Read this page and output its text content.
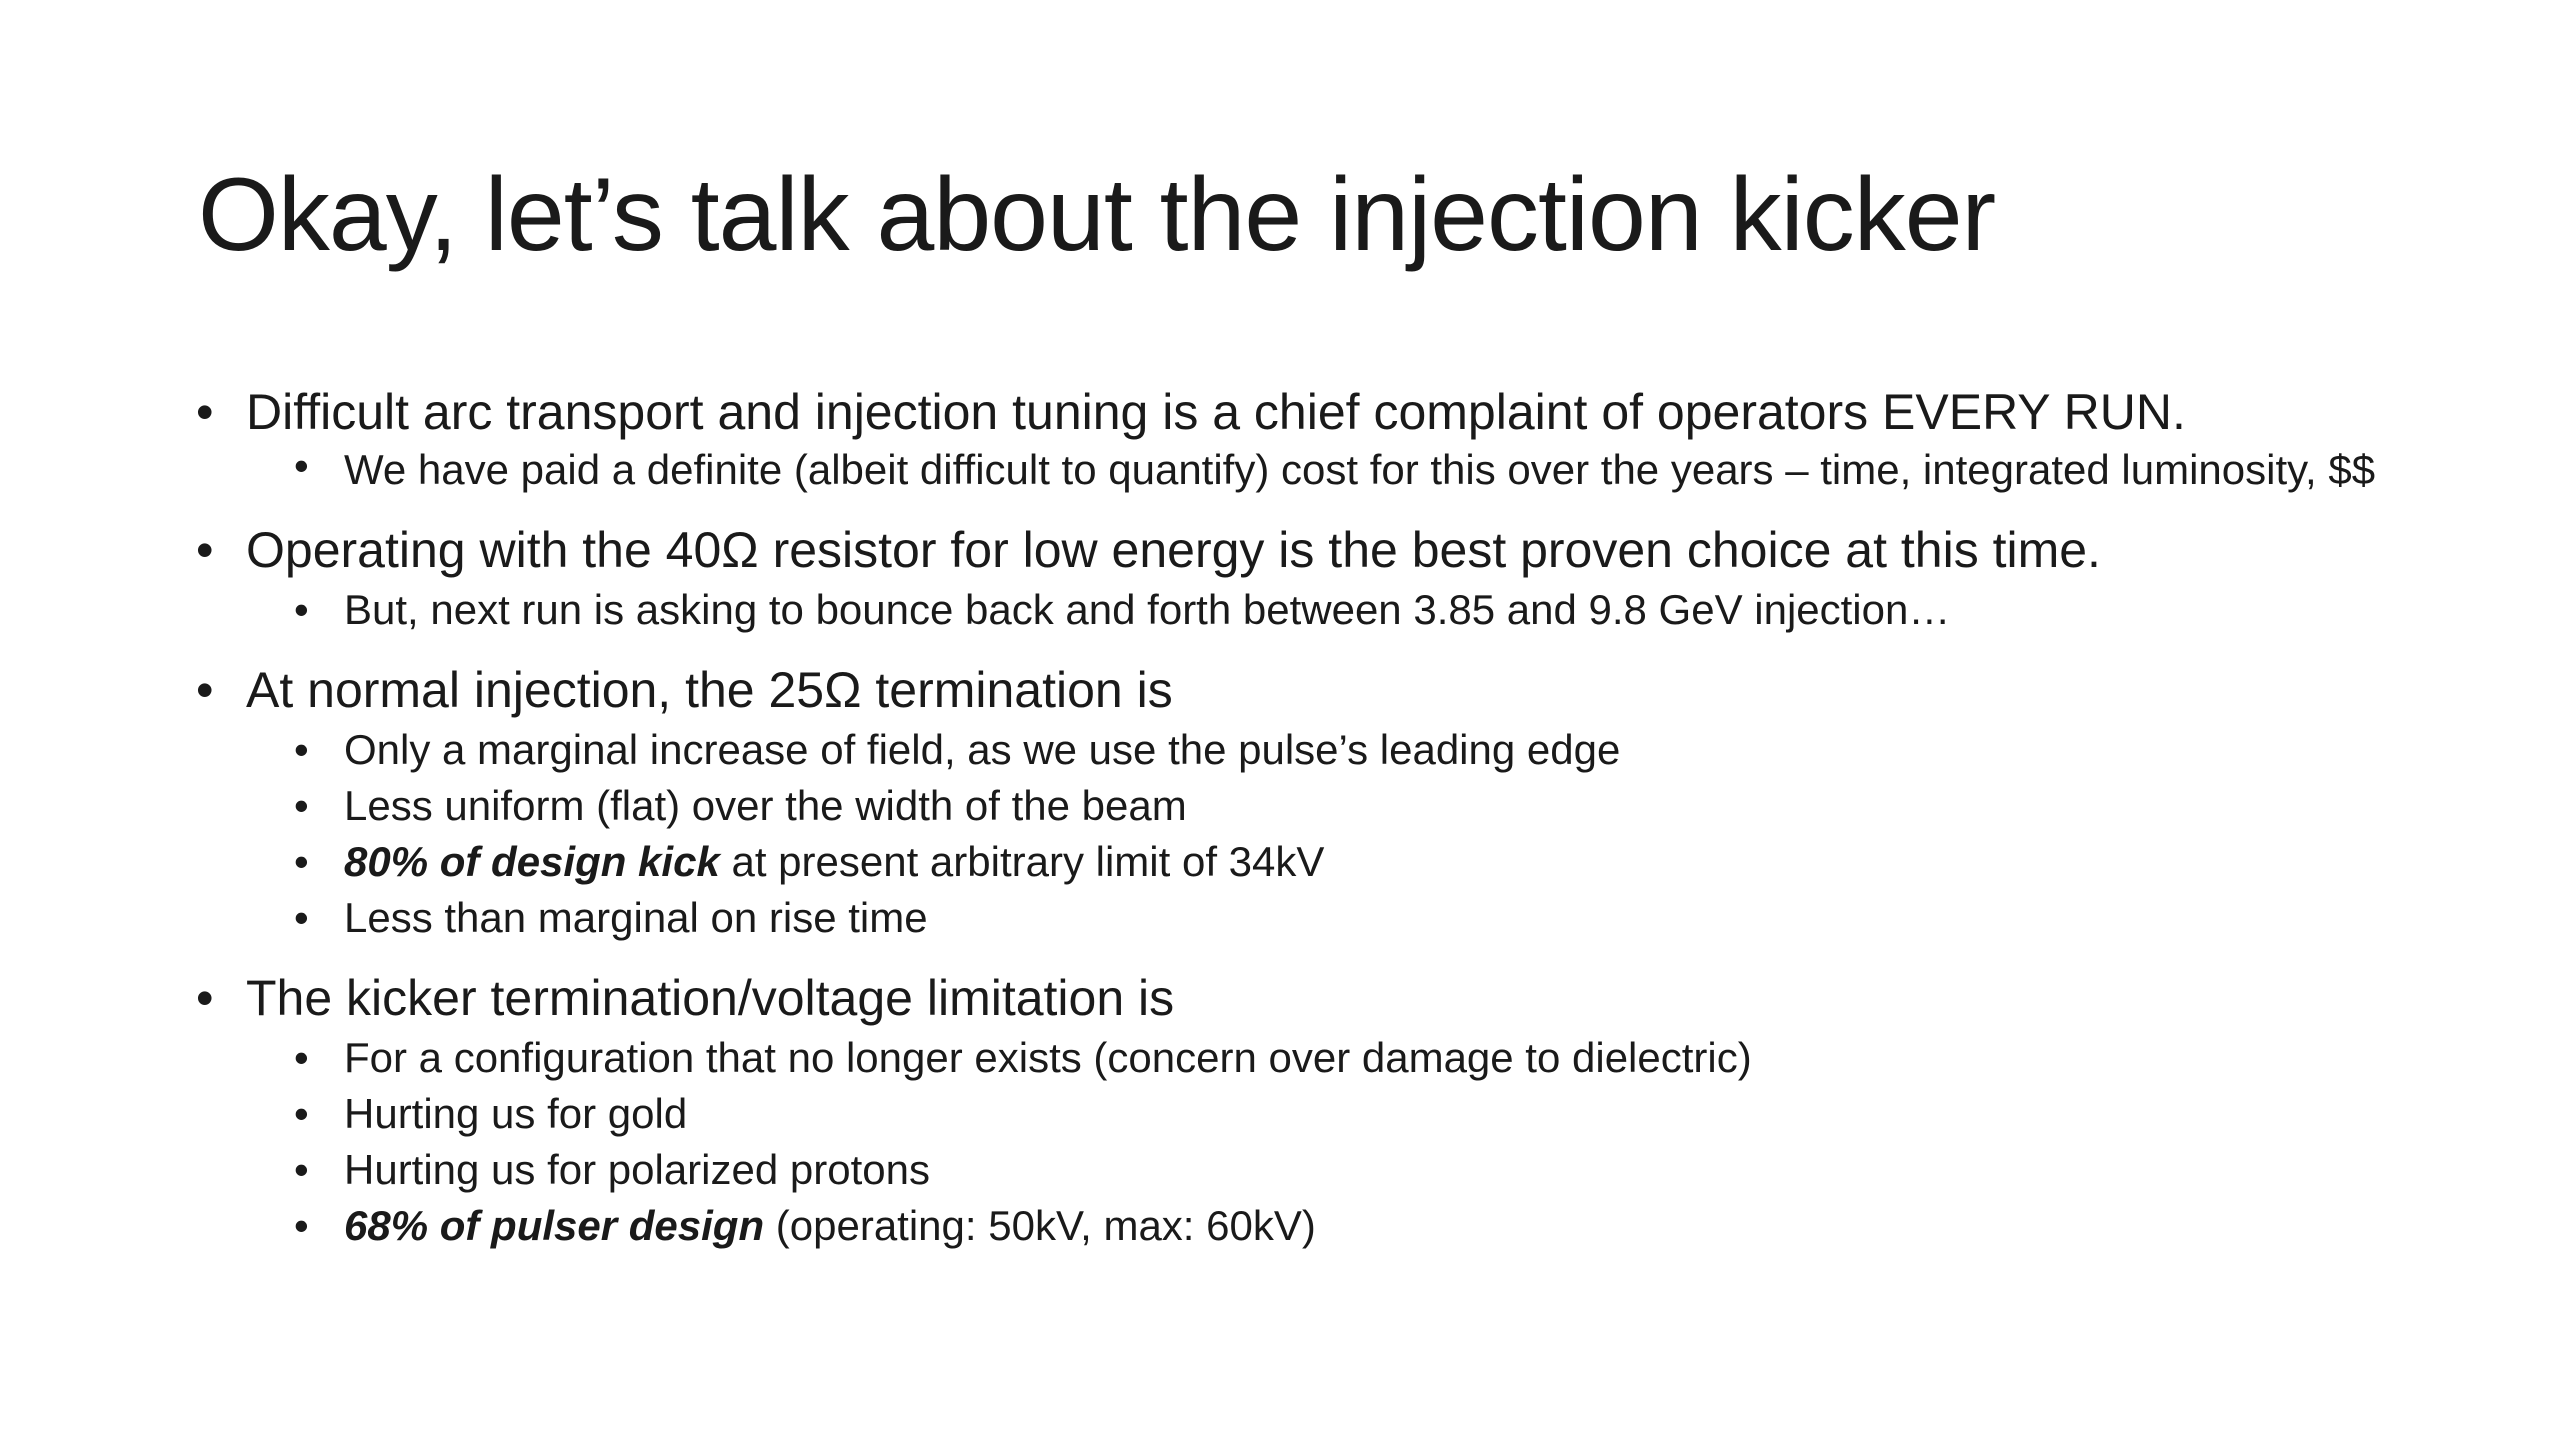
Okay, let’s talk about the injection kicker
• Difficult arc transport and injection tuning is a chief complaint of operators EVERY RUN.
• We have paid a definite (albeit difficult to quantify) cost for this over the years – time, integrated luminosity, $$
• Operating with the 40Ω resistor for low energy is the best proven choice at this time.
• But, next run is asking to bounce back and forth between 3.85 and 9.8 GeV injection…
• At normal injection, the 25Ω termination is
• Only a marginal increase of field, as we use the pulse’s leading edge
• Less uniform (flat) over the width of the beam
• 80% of design kick at present arbitrary limit of 34kV
• Less than marginal on rise time
• The kicker termination/voltage limitation is
• For a configuration that no longer exists (concern over damage to dielectric)
• Hurting us for gold
• Hurting us for polarized protons
• 68% of pulser design (operating: 50kV, max: 60kV)
